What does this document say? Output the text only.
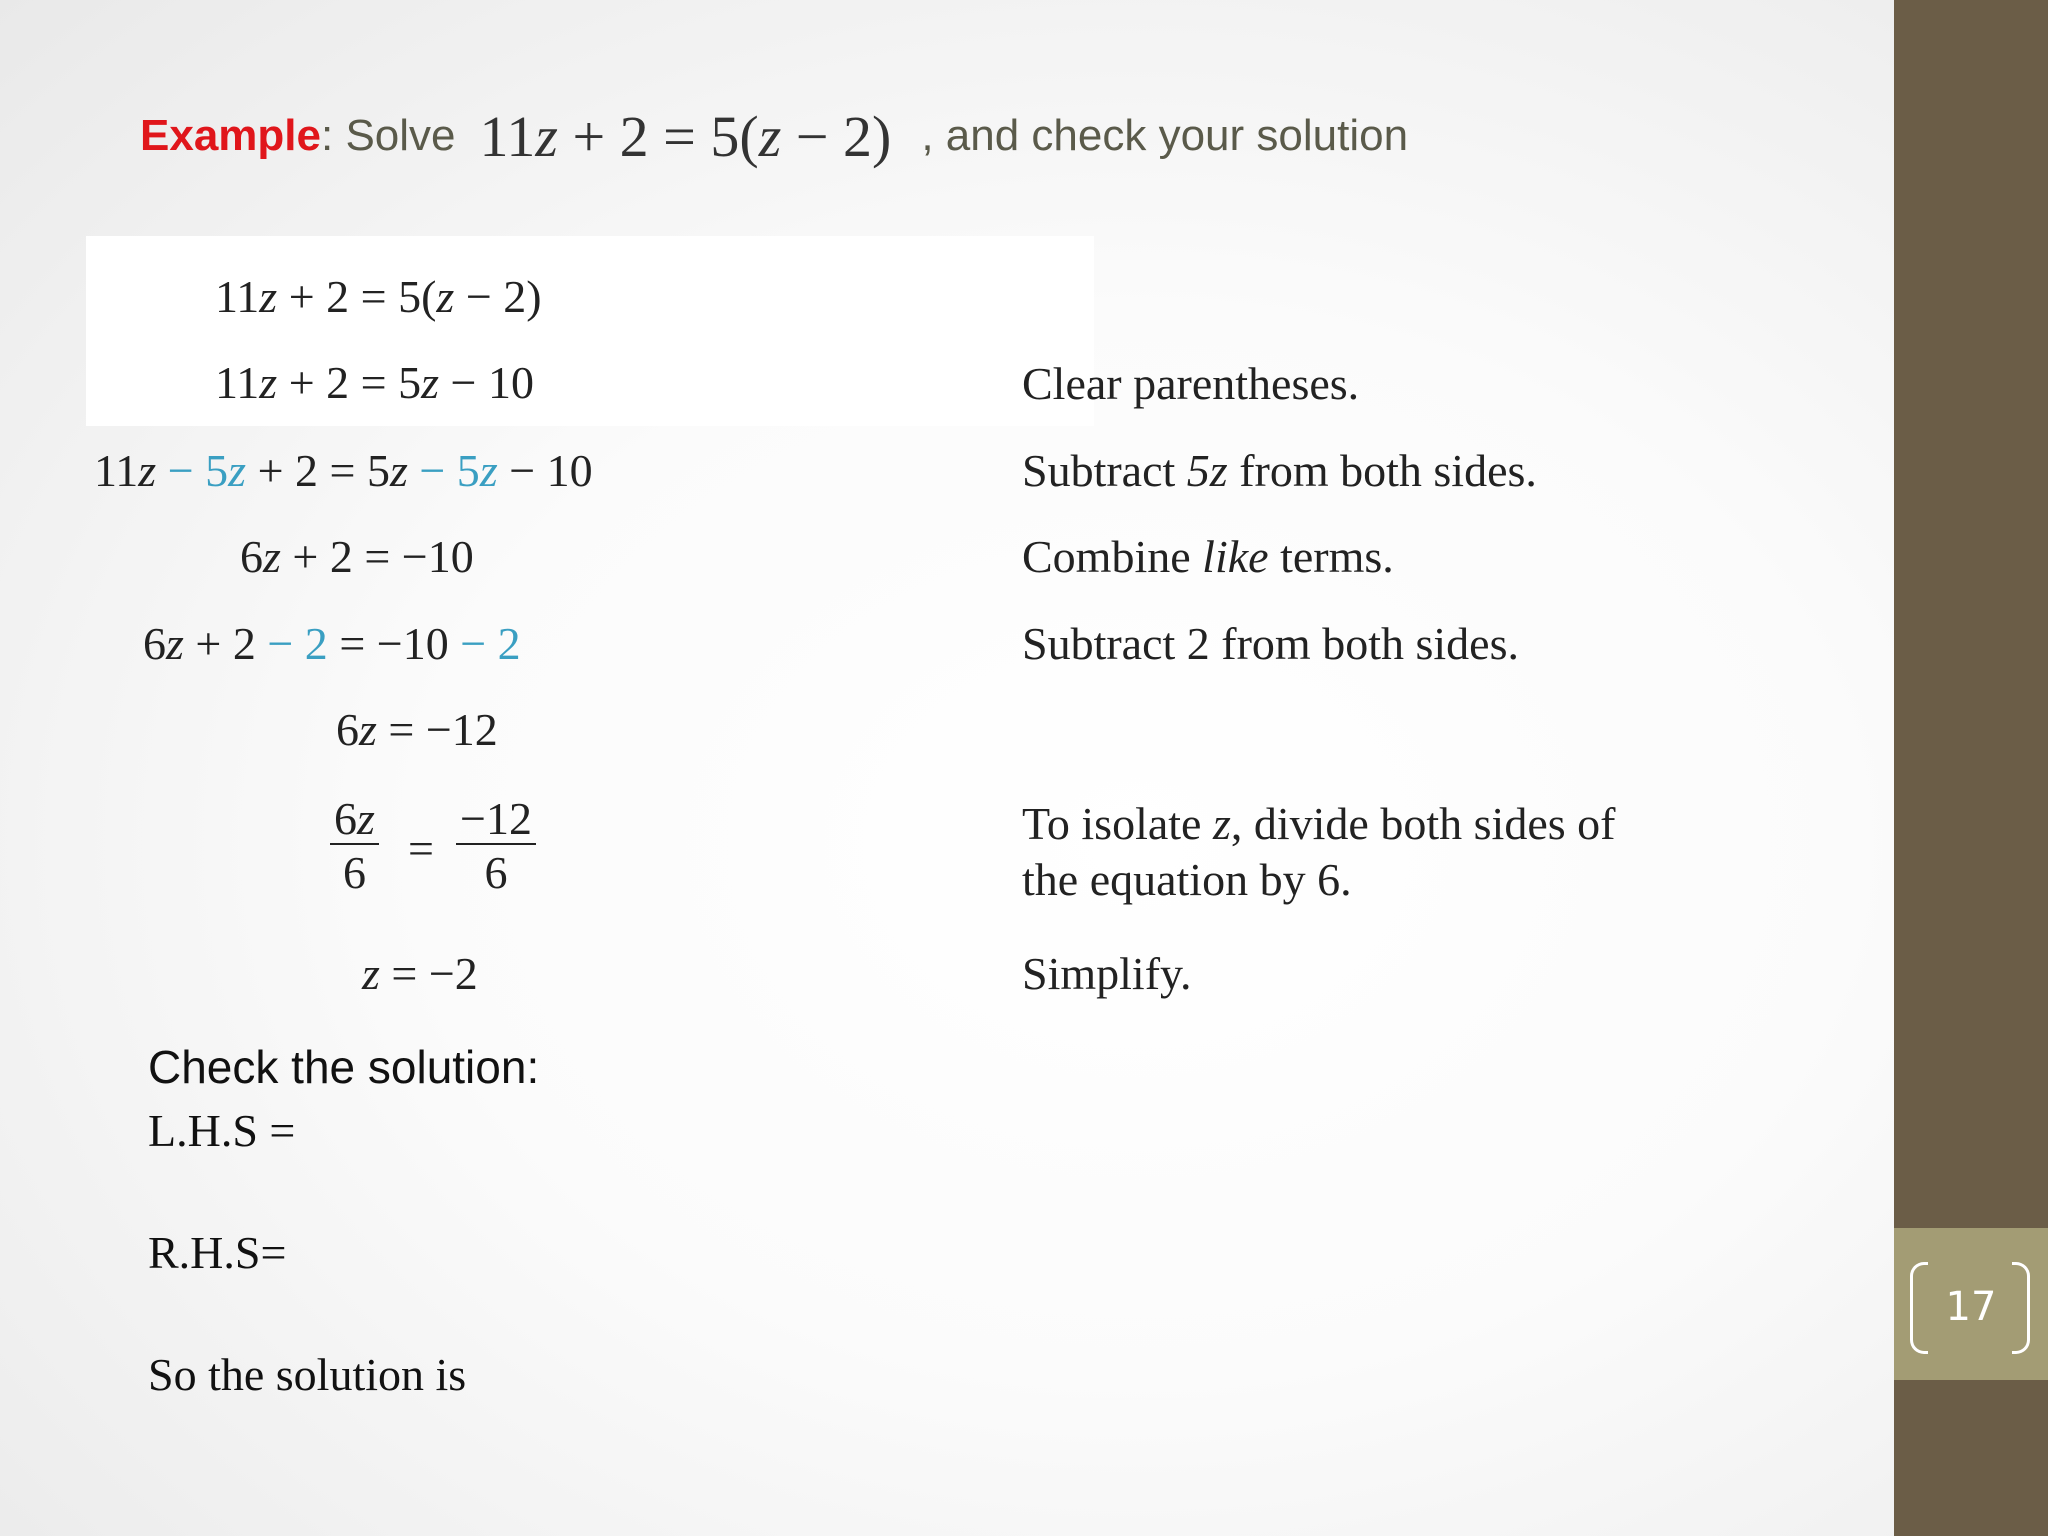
Example :
Solve 11z + 2 = 5(z − 2) , and check your solution
11z + 2 = 5(z − 2)
11z + 2 = 5z − 10	Clear parentheses.
11z − 5z + 2 = 5z − 5z − 10	Subtract 5z from both sides.
6z + 2 = −10	Combine like terms.
6z + 2 − 2 = −10 − 2	Subtract 2 from both sides.
6z = −12
$\frac{6z}{6} = \frac{-12}{6}$	To isolate z, divide both sides of
the equation by 6.
z = −2	Simplify.
Check the solution:
L.H.S =
R.H.S=
So the solution is
17
